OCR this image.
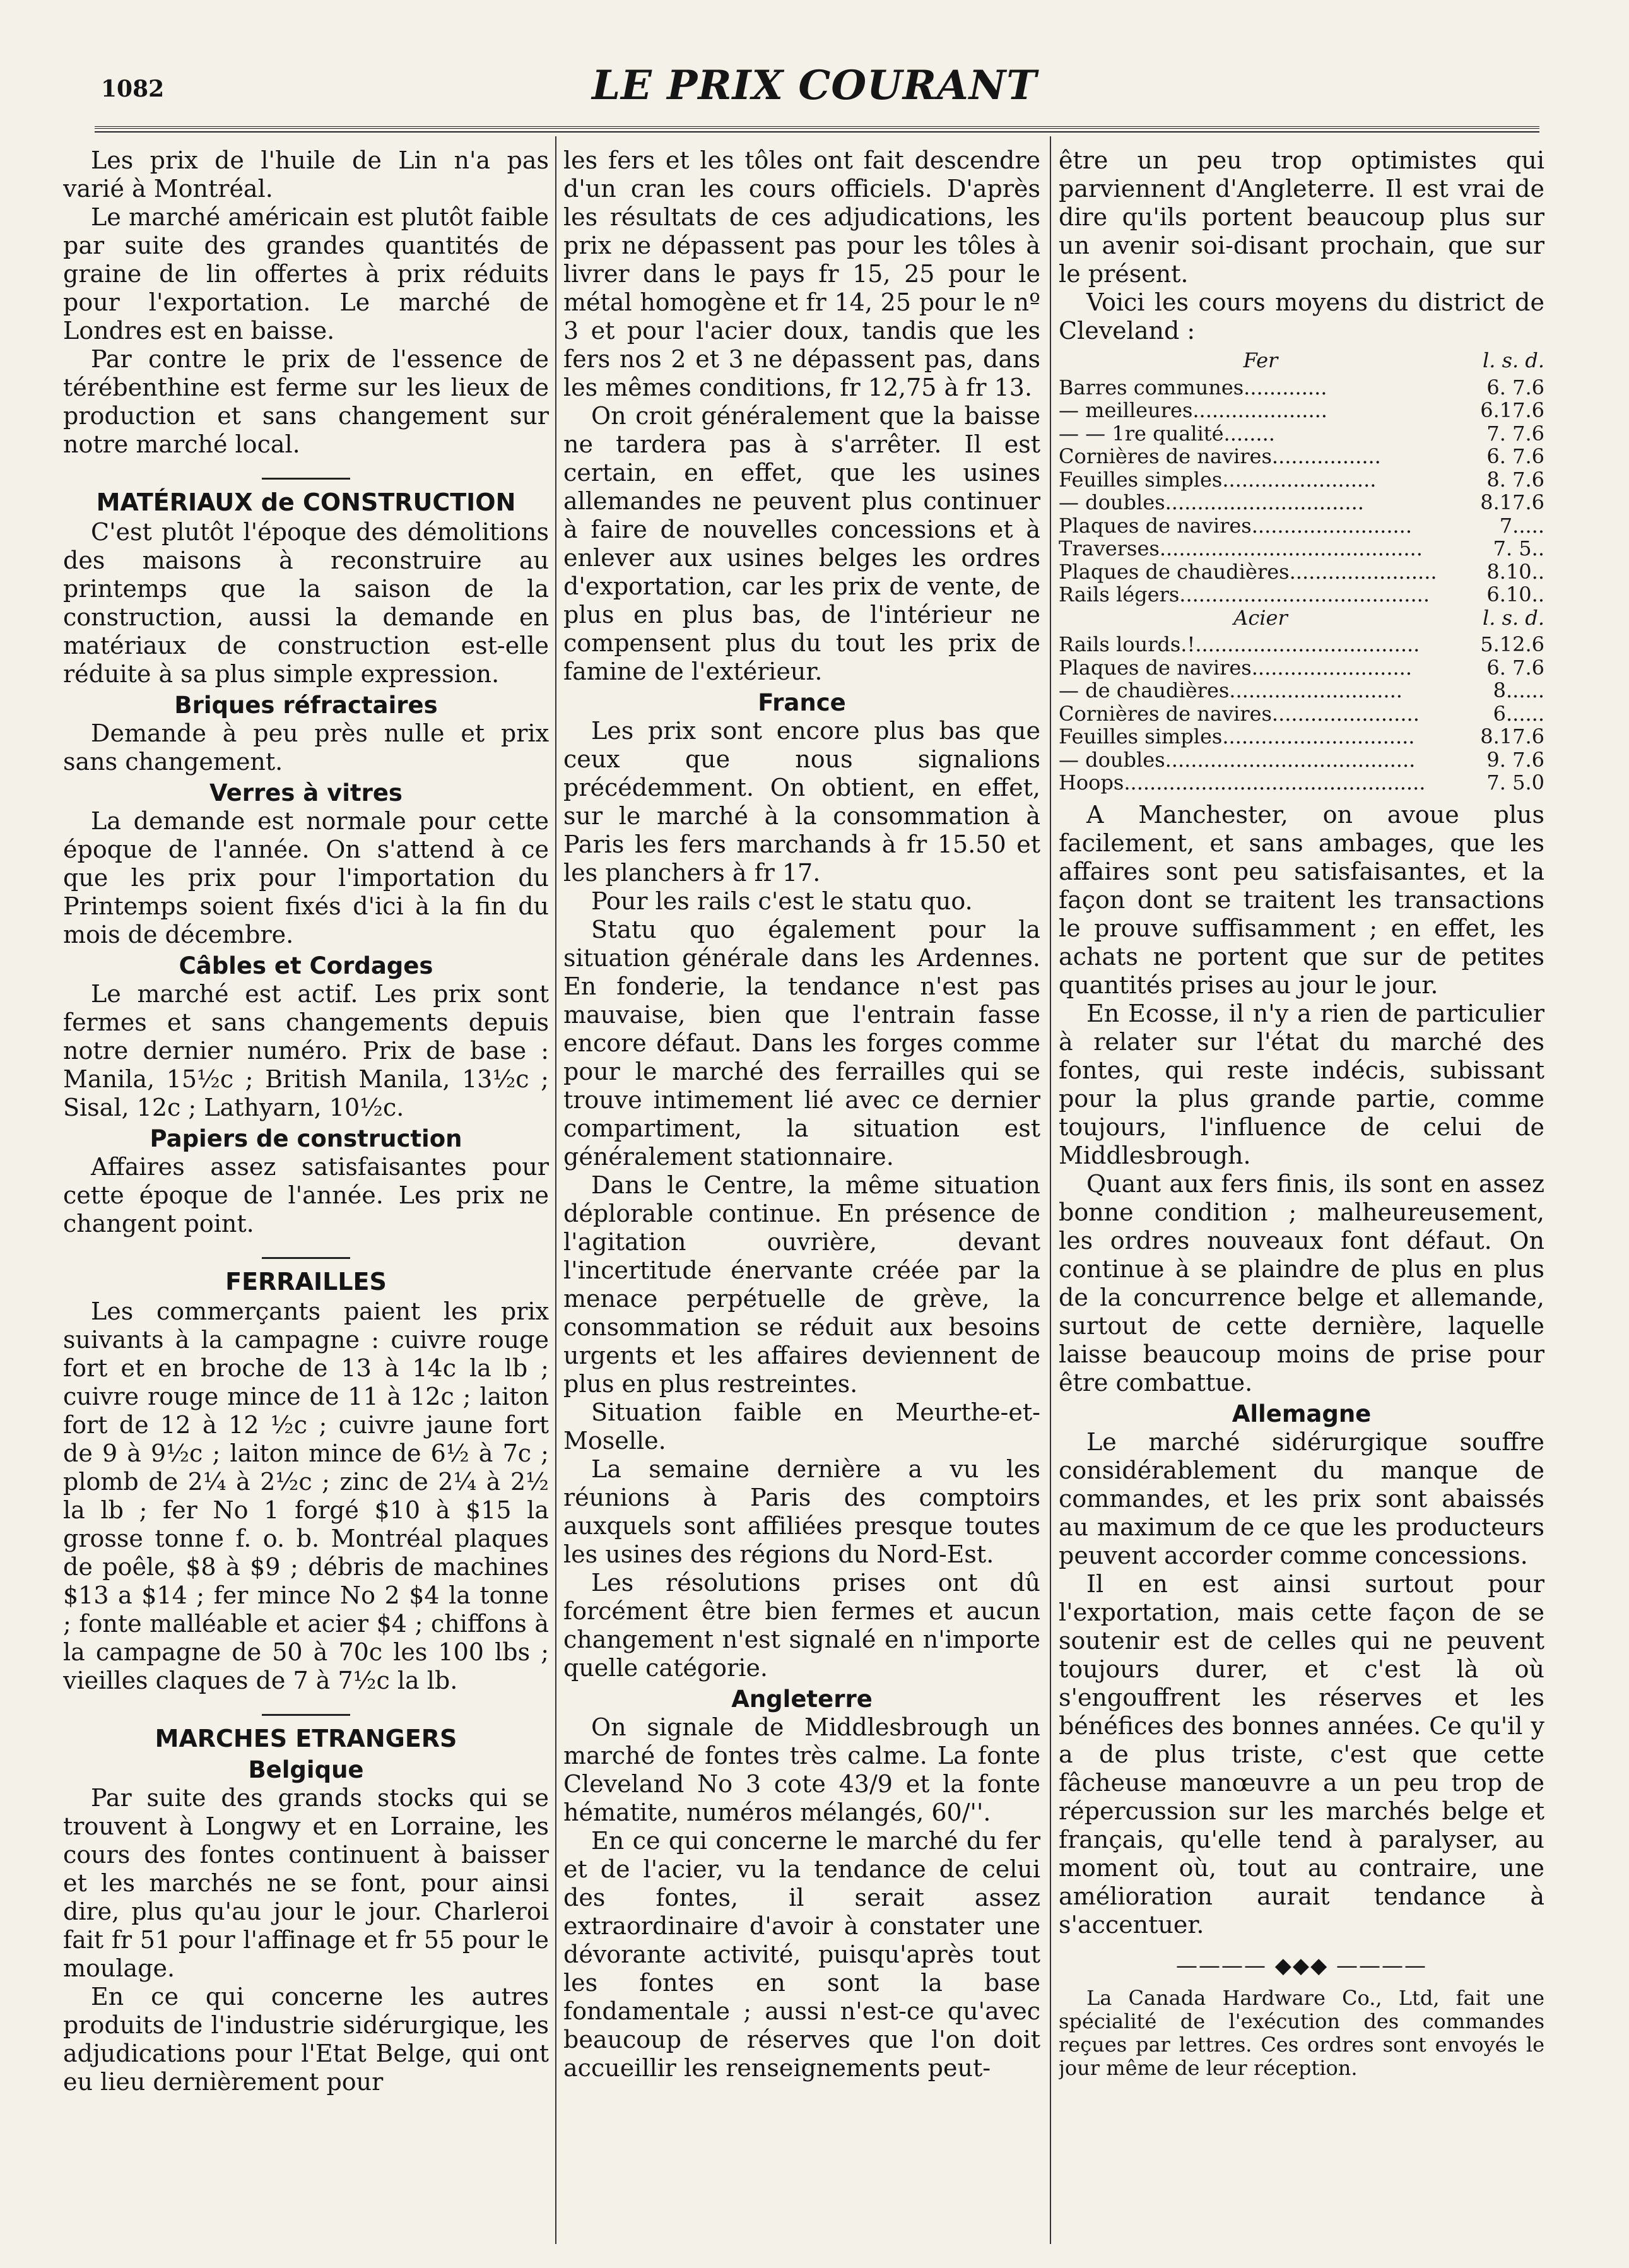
1082	LE PRIX COURANT

Les prix de l'huile de Lin n'a pas varié à Montréal.

Le marché américain est plutôt faible par suite des grandes quantités de graine de lin offertes à prix réduits pour l'exportation. Le marché de Londres est en baisse.

Par contre le prix de l'essence de térébenthine est ferme sur les lieux de production et sans changement sur notre marché local.

MATÉRIAUX de CONSTRUCTION

C'est plutôt l'époque des démolitions des maisons à reconstruire au printemps que la saison de la construction, aussi la demande en matériaux de construction est-elle réduite à sa plus simple expression.

Briques réfractaires

Demande à peu près nulle et prix sans changement.

Verres à vitres

La demande est normale pour cette époque de l'année. On s'attend à ce que les prix pour l'importation du Printemps soient fixés d'ici à la fin du mois de décembre.

Câbles et Cordages

Le marché est actif. Les prix sont fermes et sans changements depuis notre dernier numéro. Prix de base : Manila, 15½c ; British Manila, 13½c ; Sisal, 12c ; Lathyarn, 10½c.

Papiers de construction

Affaires assez satisfaisantes pour cette époque de l'année. Les prix ne changent point.

FERRAILLES

Les commerçants paient les prix suivants à la campagne : cuivre rouge fort et en broche de 13 à 14c la lb ; cuivre rouge mince de 11 à 12c ; laiton fort de 12 à 12 ½c ; cuivre jaune fort de 9 à 9½c ; laiton mince de 6½ à 7c ; plomb de 2¼ à 2½c ; zinc de 2¼ à 2½ la lb ; fer No 1 forgé $10 à $15 la grosse tonne f. o. b. Montréal plaques de poêle, $8 à $9 ; débris de machines $13 a $14 ; fer mince No 2 $4 la tonne ; fonte malléable et acier $4 ; chiffons à la campagne de 50 à 70c les 100 lbs ; vieilles claques de 7 à 7½c la lb.

MARCHES ETRANGERS
Belgique

Par suite des grands stocks qui se trouvent à Longwy et en Lorraine, les cours des fontes continuent à baisser et les marchés ne se font, pour ainsi dire, plus qu'au jour le jour. Charleroi fait fr 51 pour l'affinage et fr 55 pour le moulage.

En ce qui concerne les autres produits de l'industrie sidérurgique, les adjudications pour l'Etat Belge, qui ont eu lieu dernièrement pour

les fers et les tôles ont fait descendre d'un cran les cours officiels. D'après les résultats de ces adjudications, les prix ne dépassent pas pour les tôles à livrer dans le pays fr 15, 25 pour le métal homogène et fr 14, 25 pour le nº 3 et pour l'acier doux, tandis que les fers nos 2 et 3 ne dépassent pas, dans les mêmes conditions, fr 12,75 à fr 13.

On croit généralement que la baisse ne tardera pas à s'arrêter. Il est certain, en effet, que les usines allemandes ne peuvent plus continuer à faire de nouvelles concessions et à enlever aux usines belges les ordres d'exportation, car les prix de vente, de plus en plus bas, de l'intérieur ne compensent plus du tout les prix de famine de l'extérieur.

France

Les prix sont encore plus bas que ceux que nous signalions précédemment. On obtient, en effet, sur le marché à la consommation à Paris les fers marchands à fr 15.50 et les planchers à fr 17.

Pour les rails c'est le statu quo.

Statu quo également pour la situation générale dans les Ardennes. En fonderie, la tendance n'est pas mauvaise, bien que l'entrain fasse encore défaut. Dans les forges comme pour le marché des ferrailles qui se trouve intimement lié avec ce dernier compartiment, la situation est généralement stationnaire.

Dans le Centre, la même situation déplorable continue. En présence de l'agitation ouvrière, devant l'incertitude énervante créée par la menace perpétuelle de grève, la consommation se réduit aux besoins urgents et les affaires deviennent de plus en plus restreintes.

Situation faible en Meurthe-et-Moselle.

La semaine dernière a vu les réunions à Paris des comptoirs auxquels sont affiliées presque toutes les usines des régions du Nord-Est.

Les résolutions prises ont dû forcément être bien fermes et aucun changement n'est signalé en n'importe quelle catégorie.

Angleterre

On signale de Middlesbrough un marché de fontes très calme. La fonte Cleveland No 3 cote 43/9 et la fonte hématite, numéros mélangés, 60/''.

En ce qui concerne le marché du fer et de l'acier, vu la tendance de celui des fontes, il serait assez extraordinaire d'avoir à constater une dévorante activité, puisqu'après tout les fontes en sont la base fondamentale ; aussi n'est-ce qu'avec beaucoup de réserves que l'on doit accueillir les renseignements peut-

être un peu trop optimistes qui parviennent d'Angleterre. Il est vrai de dire qu'ils portent beaucoup plus sur un avenir soi-disant prochain, que sur le présent.

Voici les cours moyens du district de Cleveland :

Fer	l. s. d.
Barres communes.............	6. 7.6
— meilleures.....................	6.17.6
— — 1re qualité........	7. 7.6
Cornières de navires.................	6. 7.6
Feuilles simples........................	8. 7.6
— doubles...............................	8.17.6
Plaques de navires.........................	7.....
Traverses.........................................	7. 5..
Plaques de chaudières.......................	8.10..
Rails légers.......................................	6.10..
Acier	l. s. d.
Rails lourds.!...................................	5.12.6
Plaques de navires.........................	6. 7.6
— de chaudières...........................	8......
Cornières de navires.......................	6......
Feuilles simples..............................	8.17.6
— doubles.......................................	9. 7.6
Hoops...............................................	7. 5.0

A Manchester, on avoue plus facilement, et sans ambages, que les affaires sont peu satisfaisantes, et la façon dont se traitent les transactions le prouve suffisamment ; en effet, les achats ne portent que sur de petites quantités prises au jour le jour.

En Ecosse, il n'y a rien de particulier à relater sur l'état du marché des fontes, qui reste indécis, subissant pour la plus grande partie, comme toujours, l'influence de celui de Middlesbrough.

Quant aux fers finis, ils sont en assez bonne condition ; malheureusement, les ordres nouveaux font défaut. On continue à se plaindre de plus en plus de la concurrence belge et allemande, surtout de cette dernière, laquelle laisse beaucoup moins de prise pour être combattue.

Allemagne

Le marché sidérurgique souffre considérablement du manque de commandes, et les prix sont abaissés au maximum de ce que les producteurs peuvent accorder comme concessions.

Il en est ainsi surtout pour l'exportation, mais cette façon de se soutenir est de celles qui ne peuvent toujours durer, et c'est là où s'engouffrent les réserves et les bénéfices des bonnes années. Ce qu'il y a de plus triste, c'est que cette fâcheuse manœuvre a un peu trop de répercussion sur les marchés belge et français, qu'elle tend à paralyser, au moment où, tout au contraire, une amélioration aurait tendance à s'accentuer.

———— ◆◆◆ ————
La Canada Hardware Co., Ltd, fait une spécialité de l'exécution des commandes reçues par lettres. Ces ordres sont envoyés le jour même de leur réception.
